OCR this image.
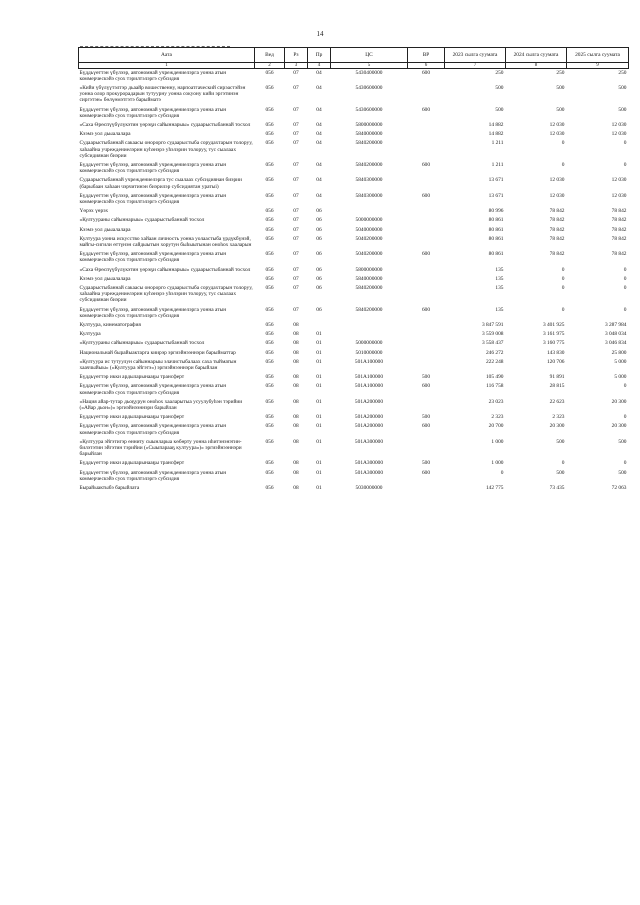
14
Аата	Вед	Рз	Пр	ЦС	ВР	2023 сылга суумата	2024 сылга суумата	2025 сылга суумата
1	2	3	4	5	6	7	8	9
Бүддьүөттэн үбүлээр, автономнай учреждениелэрга уонна атын коммерческэйэ суох тэрилтэлэргэ субсидия	056	07	04	5430400000	600	250	250	250
«Кийи үбүлүүтэлтэр дьаайр вошественну, нарпоатгаческий сирэастэйэн уонна олор прокурорадарын тутуурну уонна сокуону кийи эргэтинэн сиргэтэн» бөлүөмэтгэтэ барыйматэ	056	07	04	5430600000		500	500	500
Бүддьүөттэн үбүлээр, автономнай учреждениелэрга уонна атын коммерческэйэ суох тэрилтэлэргэ субсидия	056	07	04	5430600000	600	500	500	500
«Саха Өрөспүүбүлүкэтин үөрэҕи сайыннарыы» судаарыстыбаннай тосхол	056	07	04	5800000000		14 882	12 030	12 030
Кээмэ уол дьыалалара	056	07	04	5840000000		14 882	12 030	12 030
Судаарыстыбаннай сакаасы онорорго судаарыстыба сорудахтарын толоруу, хаһаайна учреждениелэрин куһэнэрэ уһэлэрин толоруу, тус сыалаах субсидиянан биэрии	056	07	04	5840200000		1 211	0	0
Бүддьүөттэн үбүлээр, автономнай учреждениелэрга уонна атын коммерческэйэ суох тэрилтэлэргэ субсидия	056	07	04	5840200000	600	1 211	0	0
Судаарыстыбаннай учреждениелэрга тус сыалаах субсидиянан биэрии (барыбаан хаһаан чэрчитинэн биэрилэр субсидиятан уратыі)	056	07	04	5840300000		13 671	12 030	12 030
Бүддьүөттэн үбүлээр, автономнай учреждениелэрга уонна атын коммерческэйэ суох тэрилтэлэргэ субсидия	056	07	04	5840300000	600	13 671	12 030	12 030
Үөрэх үөрэх	056	07	06			80 996	78 842	78 842
«Култуураны сайыннарыы» судаарыстыбаннай тосхол	056	07	06	5000000000		80 861	78 842	78 842
Кээмэ уол дьыалалара	056	07	06	5040000000		80 861	78 842	78 842
Култуура уонна искусство хайаан личность уонна уолаастыба үрдүкбүнэй, майгы-сигили өттүнэн сайдыытын хорутун быһыытынан оноһох хааларын	056	07	06	5040200000		80 861	78 842	78 842
Бүддьүөттэн үбүлээр, автономнай учреждениелэрга уонна атын коммерческэйэ суох тэрилтэлэргэ субсидия	056	07	06	5040200000	600	80 861	78 842	78 842
«Саха Өрөспүүбүлүкэтин үөрэҕи сайыннарыы» судаарыстыбаннай тосхол	056	07	06	5800000000		135	0	0
Кээмэ уол дьыалалара	056	07	06	5840000000		135	0	0
Судаарыстыбаннай сакаасы онорорго судаарыстыба сорудахтарын толоруу, хаһаайна учреждениелэрин куһэнэрэ уһэлэрин толоруу, тус сыалаах субсидиянан биэрии	056	07	06	5840200000		135	0	0
Бүддьүөттэн үбүлээр, автономнай учреждениелэрга уонна атын коммерческэйэ суох тэрилтэлэргэ субсидия	056	07	06	5840200000	600	135	0	0
Култуура, кинематография	056	08				3 847 591	3 401 925	3 287 984
Култуура	056	08	01			3 559 008	3 161 975	3 048 034
«Култуураны сайыннарыы» судаарыстыбаннай тосхол	056	08	01	5000000000		3 558 437	3 160 775	3 046 834
Национальнай бырайыактарга киирэр эргиэйнээннэри барыйматтар	056	08	01	5010000000		246 272	143 830	25 800
«Култуура ис тутуулун сайыннарыы элачистыбалаах саха тыйматын хааччыйыы» («Култуура эйгэтэ») эргиэйнээннэри барыйлан	056	08	01	501A100000		222 248	120 706	5 000
Бүддьүөттэр икки ардыларынааҕы трансферт	056	08	01	501A100000	500	105 490	91 891	5 000
Бүддьүөттэн үбүлээр, автономнай учреждениелэрга уонна атын коммерческэйэ суох тэрилтэлэргэ субсидия	056	08	01	501A100000	600	116 758	28 815	0
«Нация айар-тутар дьоҕурун оноһох хааларытыа усуулубуһэн тэрийии («Айар дьон»)» эргиэйнээннэри барыйлан	056	08	01	501A200000		23 023	22 623	20 300
Бүддьүөттэр икки ардыларынааҕы трансферт	056	08	01	501A200000	500	2 323	2 323	0
Бүддьүөттэн үбүлээр, автономнай учреждениелэрга уонна атын коммерческэйэ суох тэрилтэлэргэ субсидия	056	08	01	501A200000	600	20 700	20 300	20 300
«Култуура эйгэтигэр өнниту сыынларыа көбөрту уонна иһитэнэнэтин-билэтэтин эйгэтин тэрийии («Сыыпарааҕ култуура»)» эргиэйнээннэри барыйлан	056	08	01	501A300000		1 000	500	500
Бүддьүөттэр икки ардыларынааҕы трансферт	056	08	01	501A300000	500	1 000	0	0
Бүддьүөттэн үбүлээр, автономнай учреждениелэрга уонна атын коммерческэйэ суох тэрилтэлэргэ субсидия	056	08	01	501A300000	600	0	500	500
Бырайыактыбэ барыйлата	056	08	01	5030000000		142 775	73 435	72 063
